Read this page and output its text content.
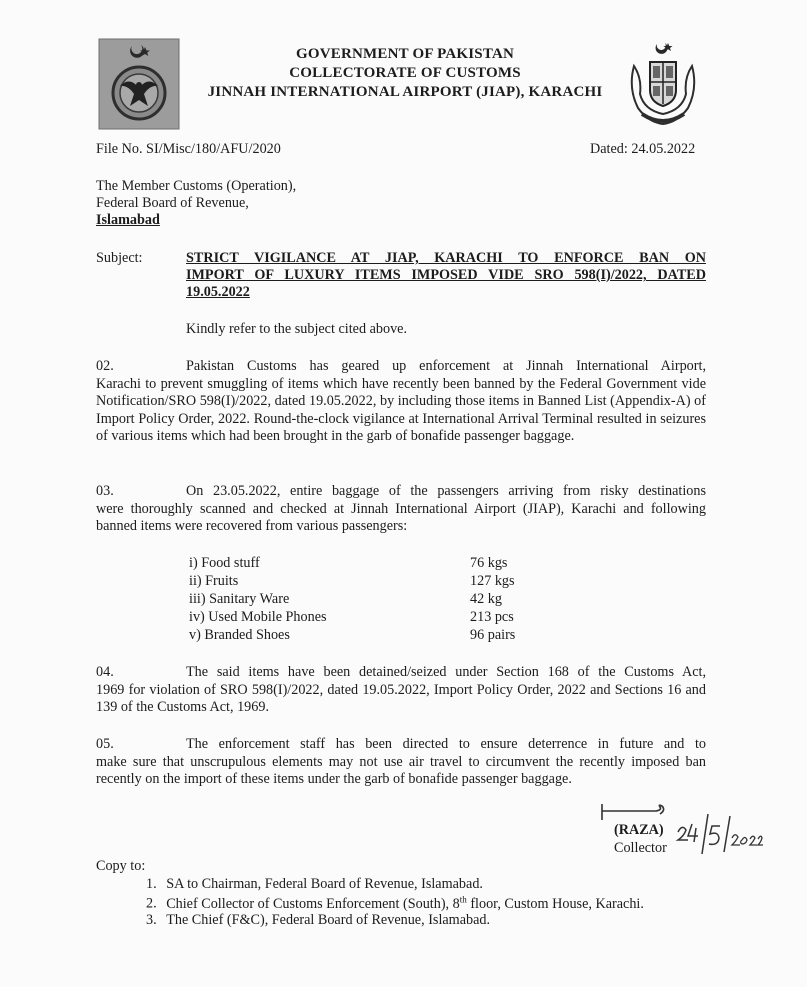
GOVERNMENT OF PAKISTAN
COLLECTORATE OF CUSTOMS
JINNAH INTERNATIONAL AIRPORT (JIAP), KARACHI
File No. SI/Misc/180/AFU/2020	Dated: 24.05.2022
The Member Customs (Operation),
Federal Board of Revenue,
Islamabad
Subject:	STRICT VIGILANCE AT JIAP, KARACHI TO ENFORCE BAN ON
IMPORT OF LUXURY ITEMS IMPOSED VIDE SRO 598(I)/2022, DATED
19.05.2022
Kindly refer to the subject cited above.
02.	Pakistan Customs has geared up enforcement at Jinnah International Airport,
Karachi to prevent smuggling of items which have recently been banned by the Federal Government vide Notification/SRO 598(I)/2022, dated 19.05.2022, by including those items in Banned List (Appendix-A) of Import Policy Order, 2022. Round-the-clock vigilance at International Arrival Terminal resulted in seizures of various items which had been brought in the garb of bonafide passenger baggage.
03.	On 23.05.2022, entire baggage of the passengers arriving from risky destinations
were thoroughly scanned and checked at Jinnah International Airport (JIAP), Karachi and following banned items were recovered from various passengers:
i) Food stuff	76 kgs
ii) Fruits	127 kgs
iii) Sanitary Ware	42 kg
iv) Used Mobile Phones	213 pcs
v) Branded Shoes	96 pairs
04.	The said items have been detained/seized under Section 168 of the Customs Act,
1969 for violation of SRO 598(I)/2022, dated 19.05.2022, Import Policy Order, 2022 and Sections 16 and 139 of the Customs Act, 1969.
05.	The enforcement staff has been directed to ensure deterrence in future and to
make sure that unscrupulous elements may not use air travel to circumvent the recently imposed ban recently on the import of these items under the garb of bonafide passenger baggage.
(RAZA)
Collector
Copy to:
1. SA to Chairman, Federal Board of Revenue, Islamabad.
2. Chief Collector of Customs Enforcement (South), 8th floor, Custom House, Karachi.
3. The Chief (F&C), Federal Board of Revenue, Islamabad.
